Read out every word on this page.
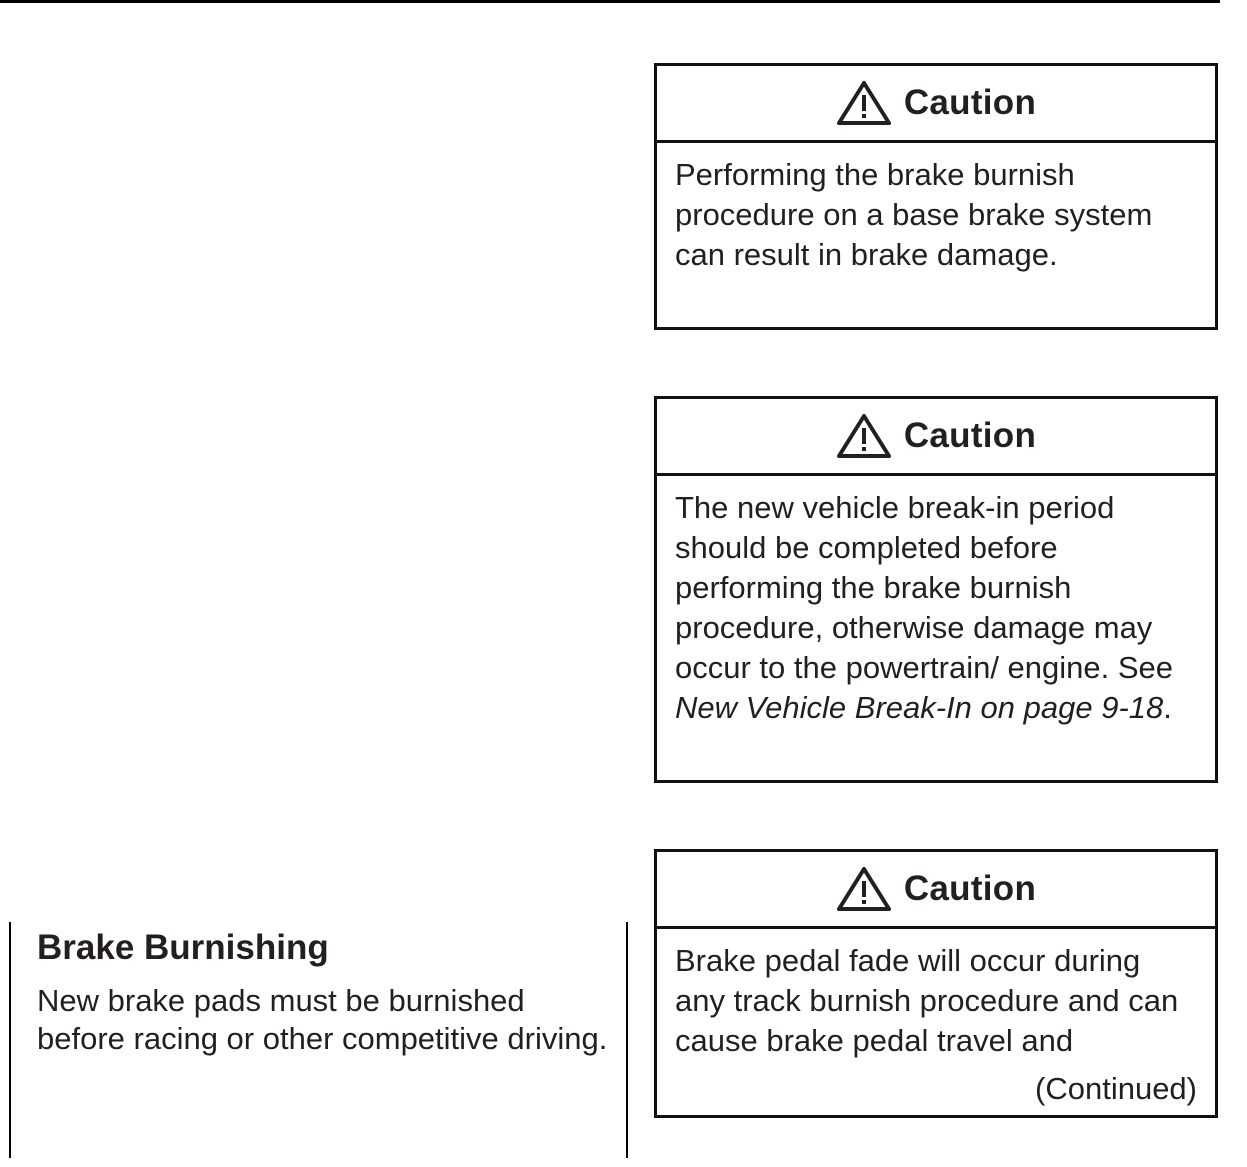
Caution
Performing the brake burnish procedure on a base brake system can result in brake damage.
Caution
The new vehicle break-in period should be completed before performing the brake burnish procedure, otherwise damage may occur to the powertrain/ engine. See New Vehicle Break-In on page 9-18.
Caution
Brake pedal fade will occur during any track burnish procedure and can cause brake pedal travel and
(Continued)
Brake Burnishing

New brake pads must be burnished before racing or other competitive driving.
